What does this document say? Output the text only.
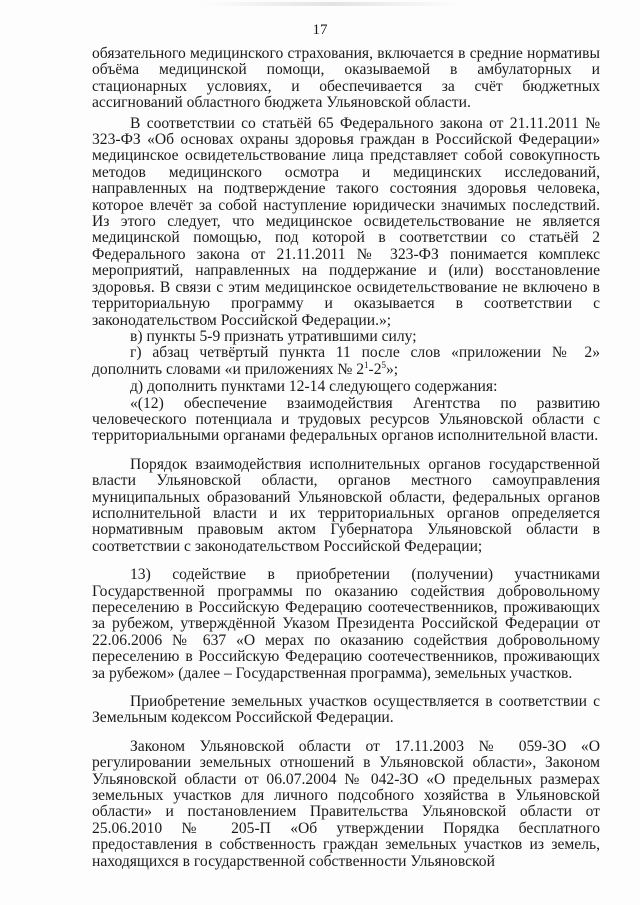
17

обязательного медицинского страхования, включается в средние нормативы объёма медицинской помощи, оказываемой в амбулаторных и стационарных условиях, и обеспечивается за счёт бюджетных ассигнований областного бюджета Ульяновской области.

В соответствии со статьёй 65 Федерального закона от 21.11.2011 № 323-ФЗ «Об основах охраны здоровья граждан в Российской Федерации» медицинское освидетельствование лица представляет собой совокупность методов медицинского осмотра и медицинских исследований, направленных на подтверждение такого состояния здоровья человека, которое влечёт за собой наступление юридически значимых последствий. Из этого следует, что медицинское освидетельствование не является медицинской помощью, под которой в соответствии со статьёй 2 Федерального закона от 21.11.2011 № 323-ФЗ понимается комплекс мероприятий, направленных на поддержание и (или) восстановление здоровья. В связи с этим медицинское освидетельствование не включено в территориальную программу и оказывается в соответствии с законодательством Российской Федерации.»;

в) пункты 5-9 признать утратившими силу;

г) абзац четвёртый пункта 11 после слов «приложении № 2» дополнить словами «и приложениях № $2^1-2^5$»;

д) дополнить пунктами 12-14 следующего содержания:

«(12) обеспечение взаимодействия Агентства по развитию человеческого потенциала и трудовых ресурсов Ульяновской области с территориальными органами федеральных органов исполнительной власти.

Порядок взаимодействия исполнительных органов государственной власти Ульяновской области, органов местного самоуправления муниципальных образований Ульяновской области, федеральных органов исполнительной власти и их территориальных органов определяется нормативным правовым актом Губернатора Ульяновской области в соответствии с законодательством Российской Федерации;

13) содействие в приобретении (получении) участниками Государственной программы по оказанию содействия добровольному переселению в Российскую Федерацию соотечественников, проживающих за рубежом, утверждённой Указом Президента Российской Федерации от 22.06.2006 № 637 «О мерах по оказанию содействия добровольному переселению в Российскую Федерацию соотечественников, проживающих за рубежом» (далее – Государственная программа), земельных участков.

Приобретение земельных участков осуществляется в соответствии с Земельным кодексом Российской Федерации.

Законом Ульяновской области от 17.11.2003 № 059-ЗО «О регулировании земельных отношений в Ульяновской области», Законом Ульяновской области от 06.07.2004 № 042-ЗО «О предельных размерах земельных участков для личного подсобного хозяйства в Ульяновской области» и постановлением Правительства Ульяновской области от 25.06.2010 № 205-П «Об утверждении Порядка бесплатного предоставления в собственность граждан земельных участков из земель, находящихся в государственной собственности Ульяновской
